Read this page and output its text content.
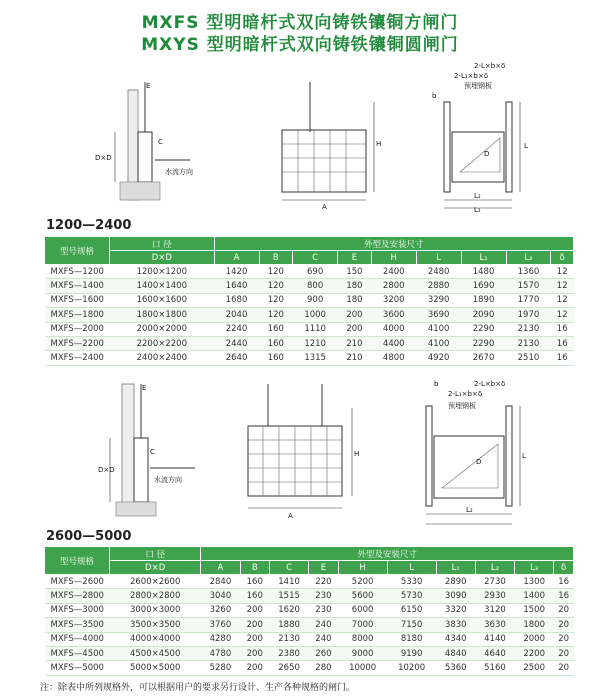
MXFS 型明暗杆式双向铸铁镶铜方闸门
MXYS 型明暗杆式双向铸铁镶铜圆闸门
D×D
C
E
水流方向
H
A
2-L×b×δ
2-L₁×b×δ
预埋钢板
b
D
L
L₂
L₁
1200—2400
型号规格	口 径	外型及安装尺寸								
	D×D	A	B	C	E	H	L	L₁	L₂	δ
MXFS—1200	1200×1200	1420	120	690	150	2400	2480	1480	1360	12
MXFS—1400	1400×1400	1640	120	800	180	2800	2880	1690	1570	12
MXFS—1600	1600×1600	1680	120	900	180	3200	3290	1890	1770	12
MXFS—1800	1800×1800	2040	120	1000	200	3600	3690	2090	1970	12
MXFS—2000	2000×2000	2240	160	1110	200	4000	4100	2290	2130	16
MXFS—2200	2200×2200	2440	160	1210	210	4400	4100	2290	2130	16
MXFS—2400	2400×2400	2640	160	1315	210	4800	4920	2670	2510	16
D×D
C
E
水流方向
H
A
b	2-L×b×δ
2-L₁×b×δ
预埋钢板
D
L
L₂
2600—5000
型号规格	口 径	外型及安装尺寸									
	D×D	A	B	C	E	H	L	L₁	L₂	L₃	δ
MXFS—2600	2600×2600	2840	160	1410	220	5200	5330	2890	2730	1300	16
MXFS—2800	2800×2800	3040	160	1515	230	5600	5730	3090	2930	1400	16
MXFS—3000	3000×3000	3260	200	1620	230	6000	6150	3320	3120	1500	20
MXFS—3500	3500×3500	3760	200	1880	240	7000	7150	3830	3630	1800	20
MXFS—4000	4000×4000	4280	200	2130	240	8000	8180	4340	4140	2000	20
MXFS—4500	4500×4500	4780	200	2380	260	9000	9190	4840	4640	2200	20
MXFS—5000	5000×5000	5280	200	2650	280	10000	10200	5360	5160	2500	20
注：除表中所列规格外，可以根据用户的要求另行设计、生产各种规格的闸门。
